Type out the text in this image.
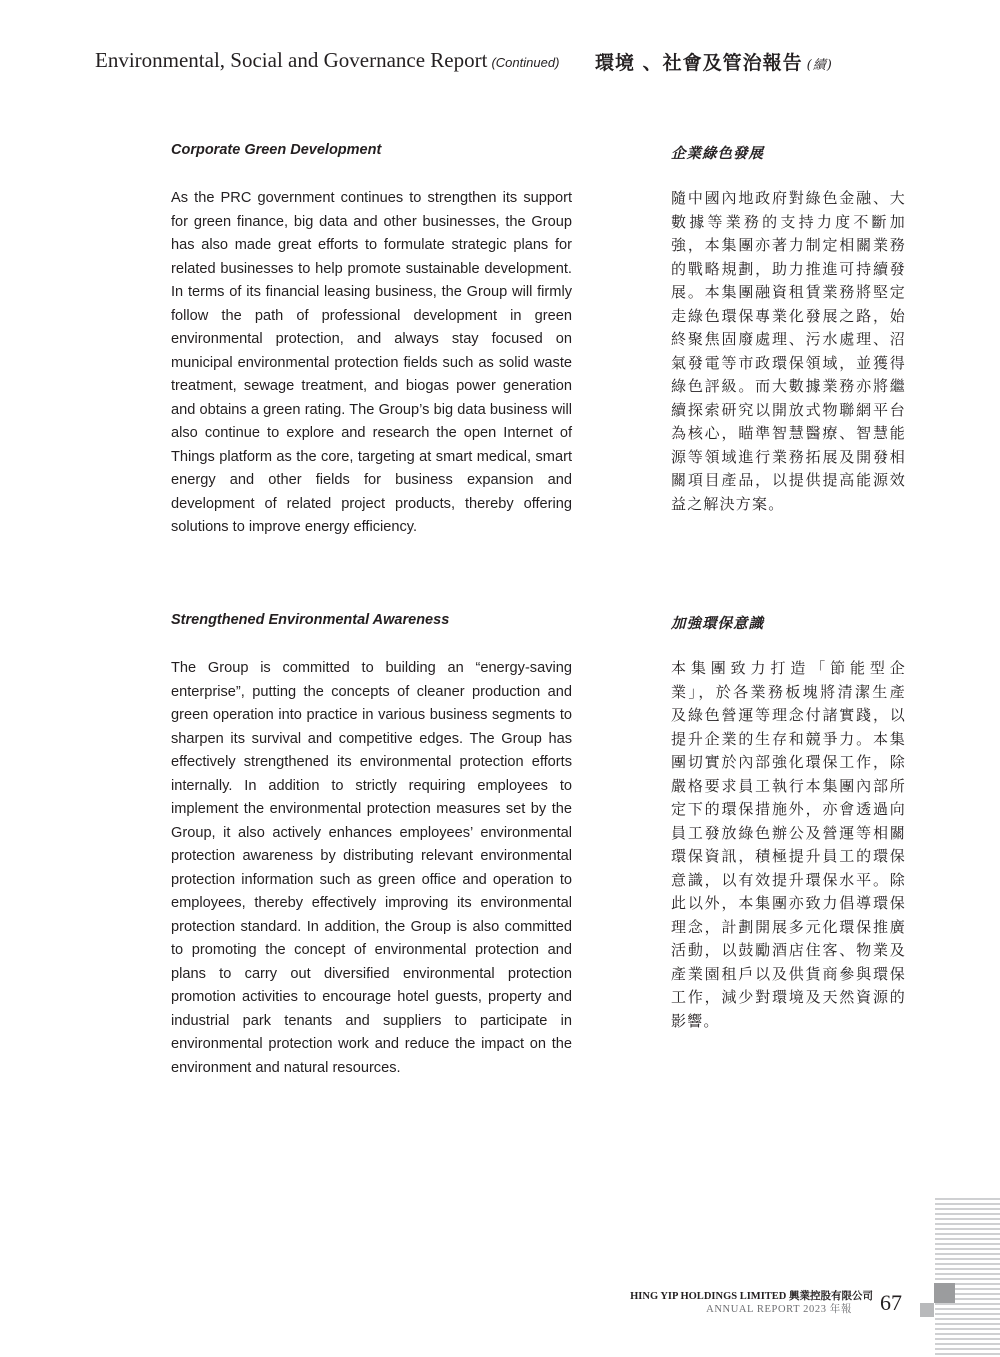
Environmental, Social and Governance Report (Continued) 環境 、社會及管治報告 (續)

Corporate Green Development	企業綠色發展

As the PRC government continues to strengthen its support for green finance, big data and other businesses, the Group has also made great efforts to formulate strategic plans for related businesses to help promote sustainable development. In terms of its financial leasing business, the Group will firmly follow the path of professional development in green environmental protection, and always stay focused on municipal environmental protection fields such as solid waste treatment, sewage treatment, and biogas power generation and obtains a green rating. The Group’s big data business will also continue to explore and research the open Internet of Things platform as the core, targeting at smart medical, smart energy and other fields for business expansion and development of related project products, thereby offering solutions to improve energy efficiency.

隨中國內地政府對綠色金融、大數據等業務的支持力度不斷加強，本集團亦著力制定相關業務的戰略規劃，助力推進可持續發展。本集團融資租賃業務將堅定走綠色環保專業化發展之路，始終聚焦固廢處理、污水處理、沼氣發電等市政環保領域，並獲得綠色評級。而大數據業務亦將繼續探索研究以開放式物聯網平台為核心，瞄準智慧醫療、智慧能源等領域進行業務拓展及開發相關項目產品，以提供提高能源效益之解決方案。

Strengthened Environmental Awareness	加強環保意識

The Group is committed to building an “energy-saving enterprise”, putting the concepts of cleaner production and green operation into practice in various business segments to sharpen its survival and competitive edges. The Group has effectively strengthened its environmental protection efforts internally. In addition to strictly requiring employees to implement the environmental protection measures set by the Group, it also actively enhances employees’ environmental protection awareness by distributing relevant environmental protection information such as green office and operation to employees, thereby effectively improving its environmental protection standard. In addition, the Group is also committed to promoting the concept of environmental protection and plans to carry out diversified environmental protection promotion activities to encourage hotel guests, property and industrial park tenants and suppliers to participate in environmental protection work and reduce the impact on the environment and natural resources.

本集團致力打造「節能型企業」，於各業務板塊將清潔生產及綠色營運等理念付諸實踐，以提升企業的生存和競爭力。本集團切實於內部強化環保工作，除嚴格要求員工執行本集團內部所定下的環保措施外，亦會透過向員工發放綠色辦公及營運等相關環保資訊，積極提升員工的環保意識，以有效提升環保水平。除此以外，本集團亦致力倡導環保理念，計劃開展多元化環保推廣活動，以鼓勵酒店住客、物業及產業園租戶以及供貨商參與環保工作，減少對環境及天然資源的影響。

HING YIP HOLDINGS LIMITED 興業控股有限公司
ANNUAL REPORT 2023 年報 67
